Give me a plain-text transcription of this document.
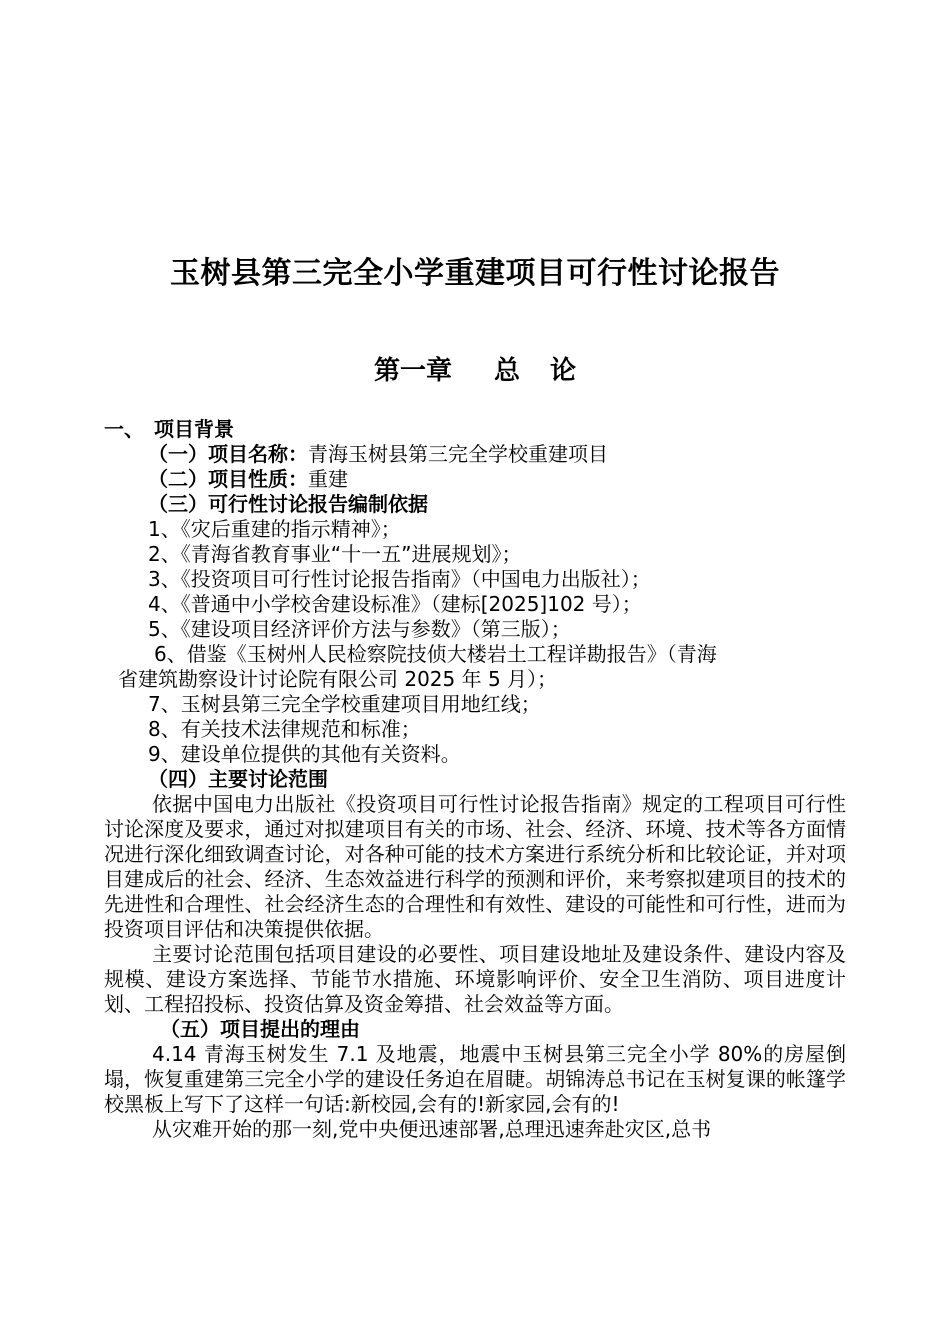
玉树县第三完全小学重建项目可行性讨论报告
第一章 总 论
一、　项目背景
（一）项目名称：青海玉树县第三完全学校重建项目
（二）项目性质：重建
（三）可行性讨论报告编制依据
1、《灾后重建的指示精神》；
2、《青海省教育事业“十一五”进展规划》；
3、《投资项目可行性讨论报告指南》（中国电力出版社）；
4、《普通中小学校舍建设标准》（建标[2025]102 号）；
5、《建设项目经济评价方法与参数》（第三版）；
6、借鉴《玉树州人民检察院技侦大楼岩土工程详勘报告》（青海
省建筑勘察设计讨论院有限公司 2025 年 5 月）；
7、玉树县第三完全学校重建项目用地红线；
8、有关技术法律规范和标准；
9、建设单位提供的其他有关资料。
（四）主要讨论范围

依据中国电力出版社《投资项目可行性讨论报告指南》规定的工程项目可行性讨论深度及要求，通过对拟建项目有关的市场、社会、经济、环境、技术等各方面情况进行深化细致调查讨论，对各种可能的技术方案进行系统分析和比较论证，并对项目建成后的社会、经济、生态效益进行科学的预测和评价，来考察拟建项目的技术的先进性和合理性、社会经济生态的合理性和有效性、建设的可能性和可行性，进而为投资项目评估和决策提供依据。

主要讨论范围包括项目建设的必要性、项目建设地址及建设条件、建设内容及规模、建设方案选择、节能节水措施、环境影响评价、安全卫生消防、项目进度计划、工程招投标、投资估算及资金筹措、社会效益等方面。

（五）项目提出的理由

4.14 青海玉树发生 7.1 及地震，地震中玉树县第三完全小学 80%的房屋倒塌，恢复重建第三完全小学的建设任务迫在眉睫。胡锦涛总书记在玉树复课的帐篷学校黑板上写下了这样一句话:新校园,会有的!新家园,会有的!

从灾难开始的那一刻,党中央便迅速部署,总理迅速奔赴灾区,总书
